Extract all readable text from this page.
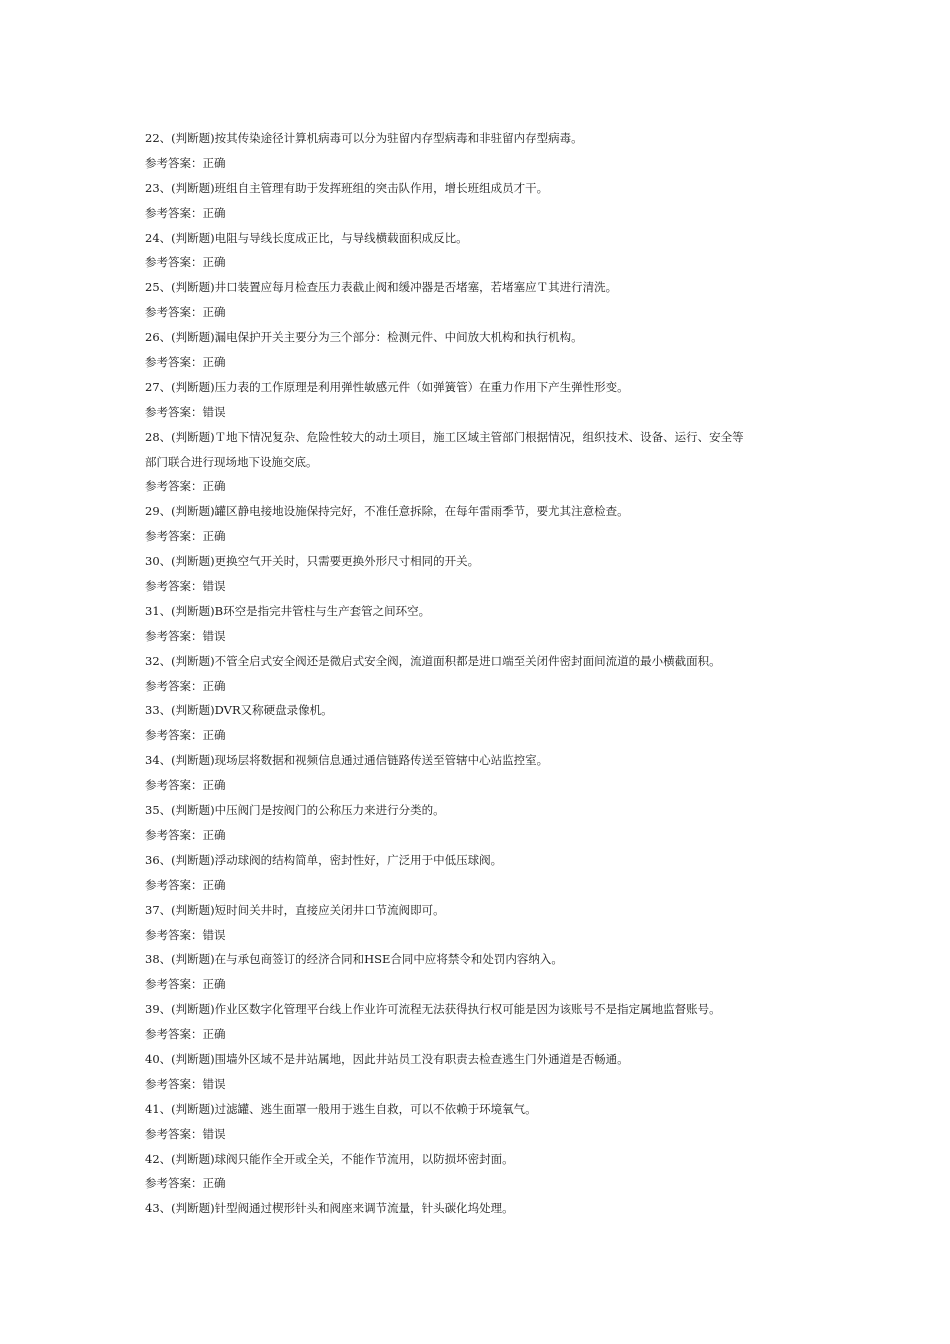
22、(判断题)按其传染途径计算机病毒可以分为驻留内存型病毒和非驻留内存型病毒。
参考答案：正确
23、(判断题)班组自主管理有助于发挥班组的突击队作用，增长班组成员才干。
参考答案：正确
24、(判断题)电阻与导线长度成正比，与导线横载面积成反比。
参考答案：正确
25、(判断题)井口装置应每月检查压力表截止阀和缓冲器是否堵塞，若堵塞应Ｔ其进行清洗。
参考答案：正确
26、(判断题)漏电保护开关主要分为三个部分：检测元件、中间放大机构和执行机构。
参考答案：正确
27、(判断题)压力表的工作原理是利用弹性敏感元件（如弹簧管）在重力作用下产生弹性形变。
参考答案：错误
28、(判断题)Ｔ地下情况复杂、危险性较大的动土项目，施工区域主管部门根据情况，组织技术、设备、运行、安全等
部门联合进行现场地下设施交底。
参考答案：正确
29、(判断题)罐区静电接地设施保持完好，不准任意拆除，在每年雷雨季节，要尤其注意检查。
参考答案：正确
30、(判断题)更换空气开关时，只需要更换外形尺寸相同的开关。
参考答案：错误
31、(判断题)B环空是指完井管柱与生产套管之间环空。
参考答案：错误
32、(判断题)不管全启式安全阀还是微启式安全阀，流道面积都是进口端至关闭件密封面间流道的最小横截面积。
参考答案：正确
33、(判断题)DVR又称硬盘录像机。
参考答案：正确
34、(判断题)现场层将数据和视频信息通过通信链路传送至管辖中心站监控室。
参考答案：正确
35、(判断题)中压阀门是按阀门的公称压力来进行分类的。
参考答案：正确
36、(判断题)浮动球阀的结构简单，密封性好，广泛用于中低压球阀。
参考答案：正确
37、(判断题)短时间关井时，直接应关闭井口节流阀即可。
参考答案：错误
38、(判断题)在与承包商签订的经济合同和HSE合同中应将禁令和处罚内容纳入。
参考答案：正确
39、(判断题)作业区数字化管理平台线上作业许可流程无法获得执行权可能是因为该账号不是指定属地监督账号。
参考答案：正确
40、(判断题)围墙外区域不是井站属地，因此井站员工没有职责去检查逃生门外通道是否畅通。
参考答案：错误
41、(判断题)过滤罐、逃生面罩一般用于逃生自救，可以不依赖于环境氧气。
参考答案：错误
42、(判断题)球阀只能作全开或全关，不能作节流用，以防损坏密封面。
参考答案：正确
43、(判断题)针型阀通过楔形针头和阀座来调节流量，针头碳化坞处理。
